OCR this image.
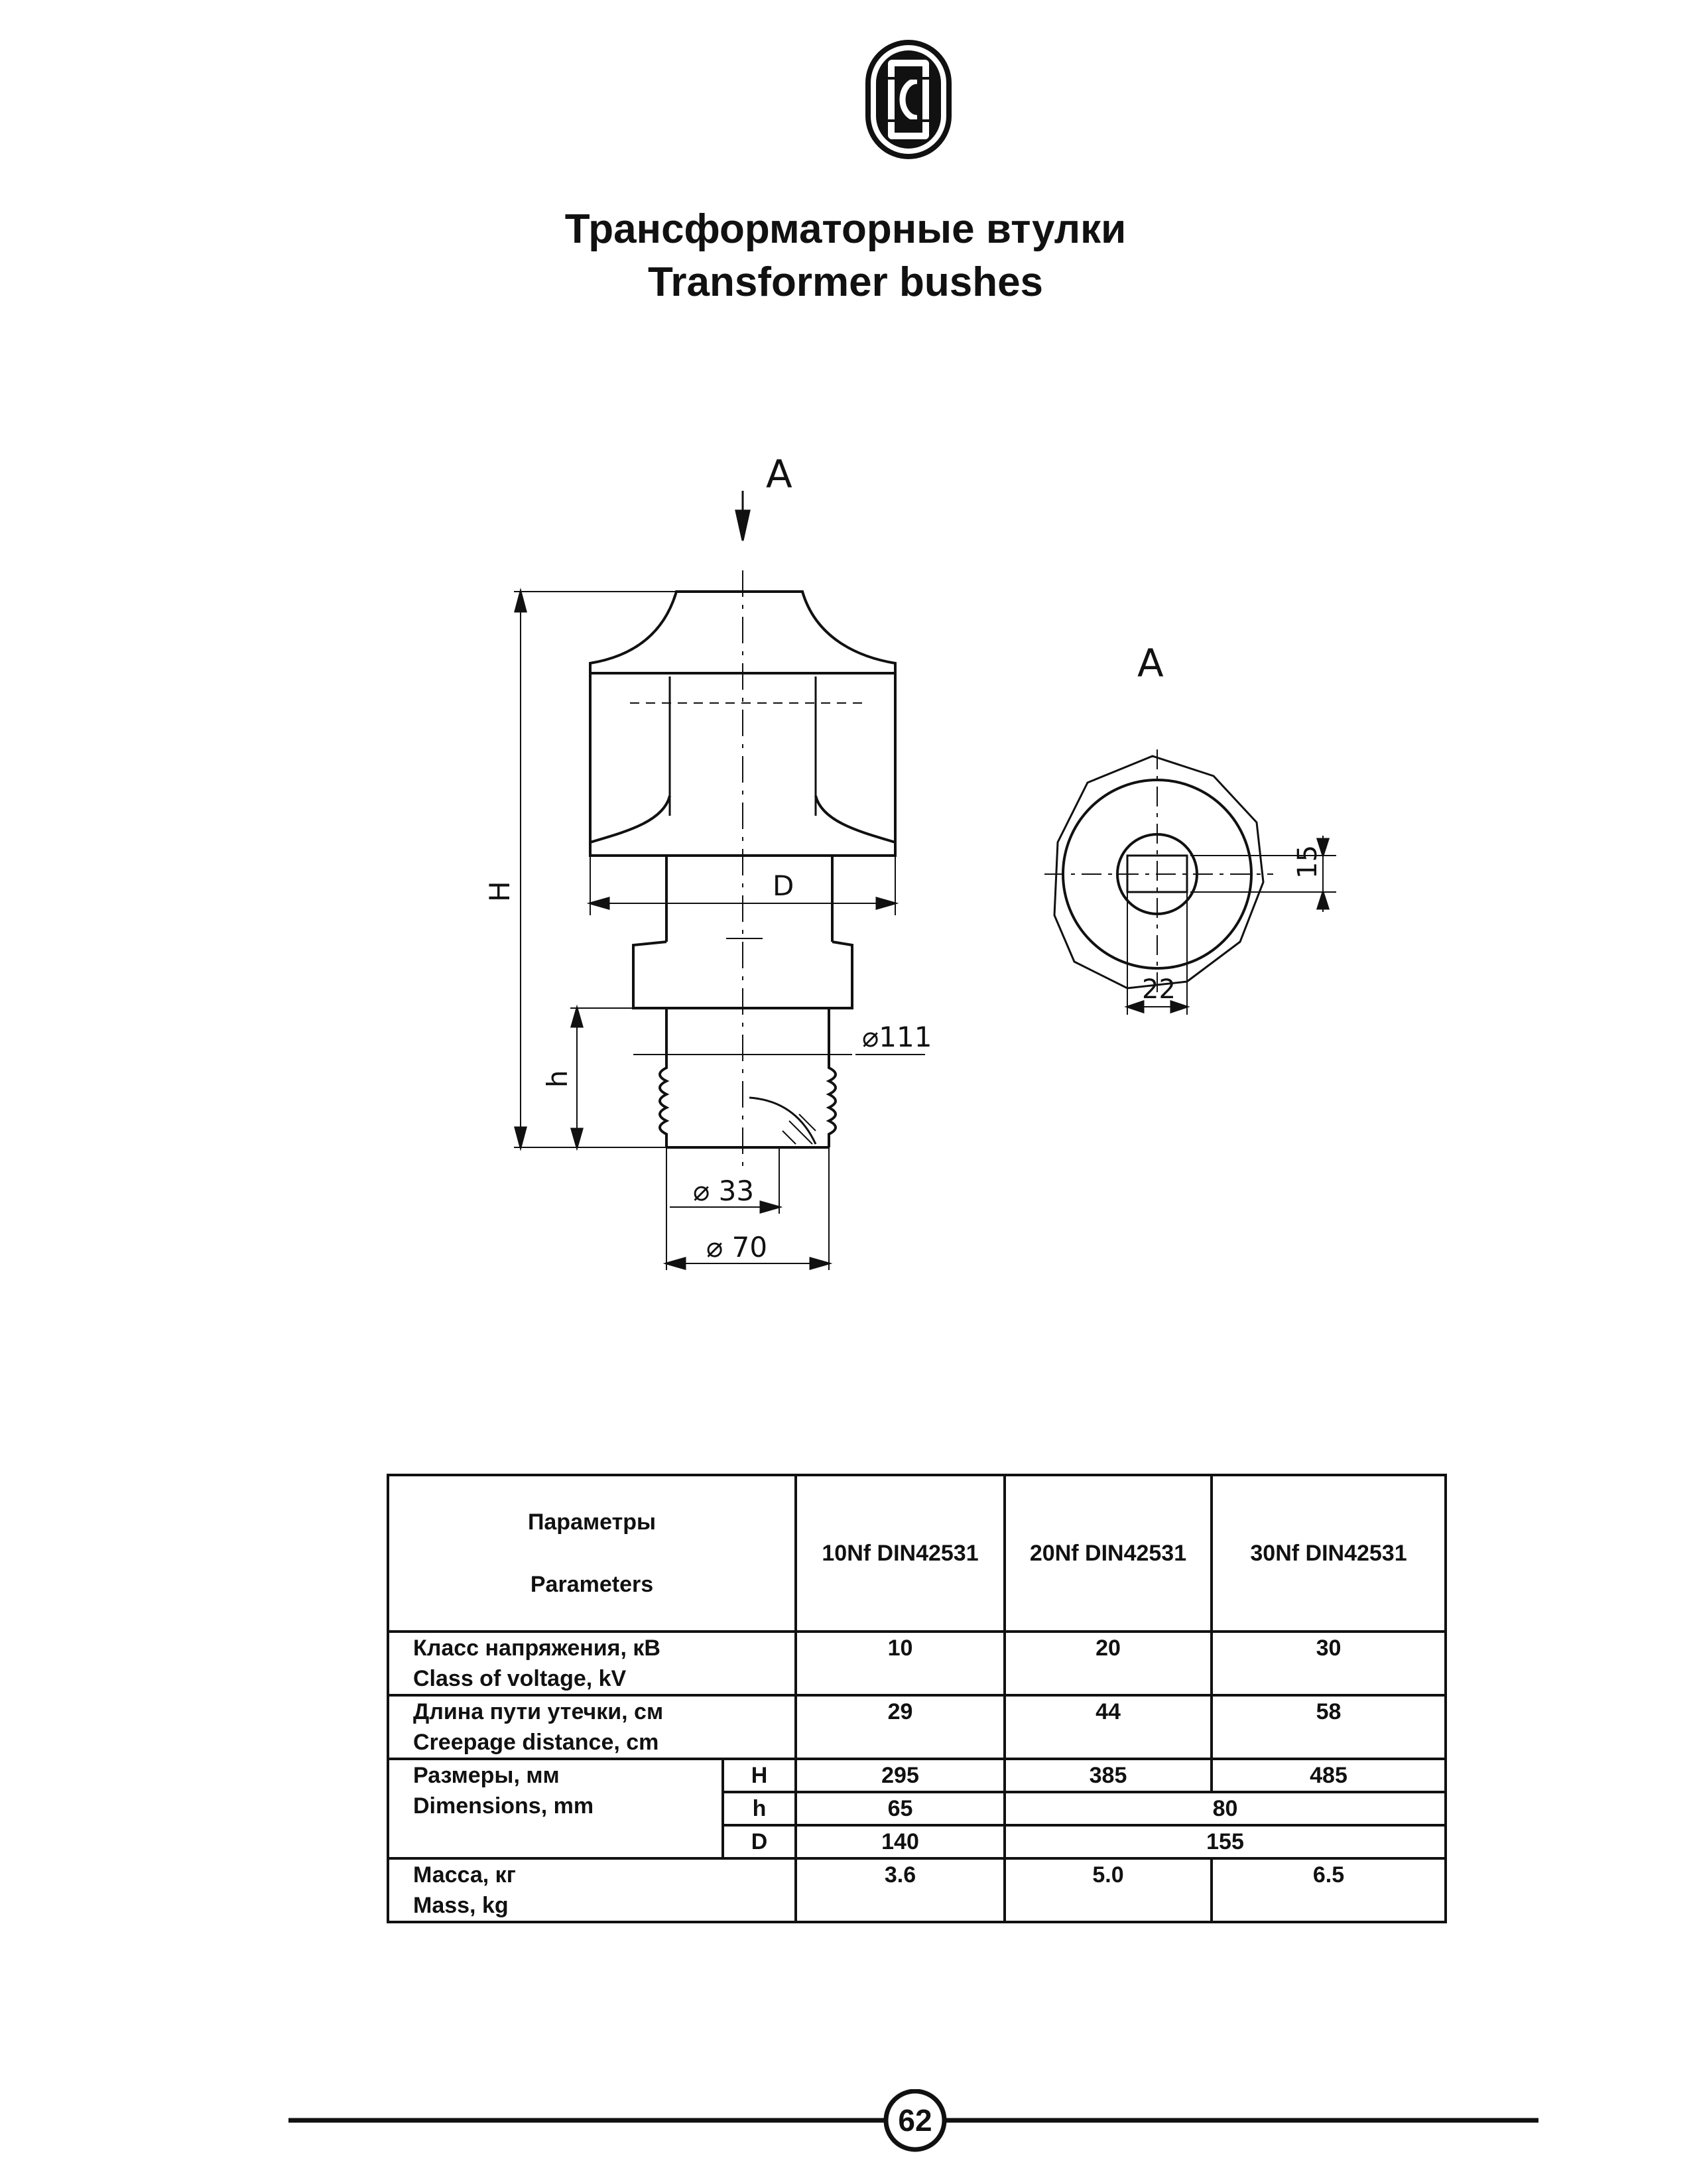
Трансформаторные втулки
Transformer bushes
A
D
⌀111
H
h
⌀ 33
⌀ 70
A
15
22
Параметры
Parameters		10Nf DIN42531	20Nf DIN42531	30Nf DIN42531

Класс напряжения, кВ
Class of voltage, kV		10	20	30

Длина пути утечки, см
Creepage distance, cm		29	44	58

Размеры, мм
Dimensions, mm	H	295	385	485
	h	65	80	
	D	140	155	

Масса, кг
Mass, kg		3.6	5.0	6.5
62
